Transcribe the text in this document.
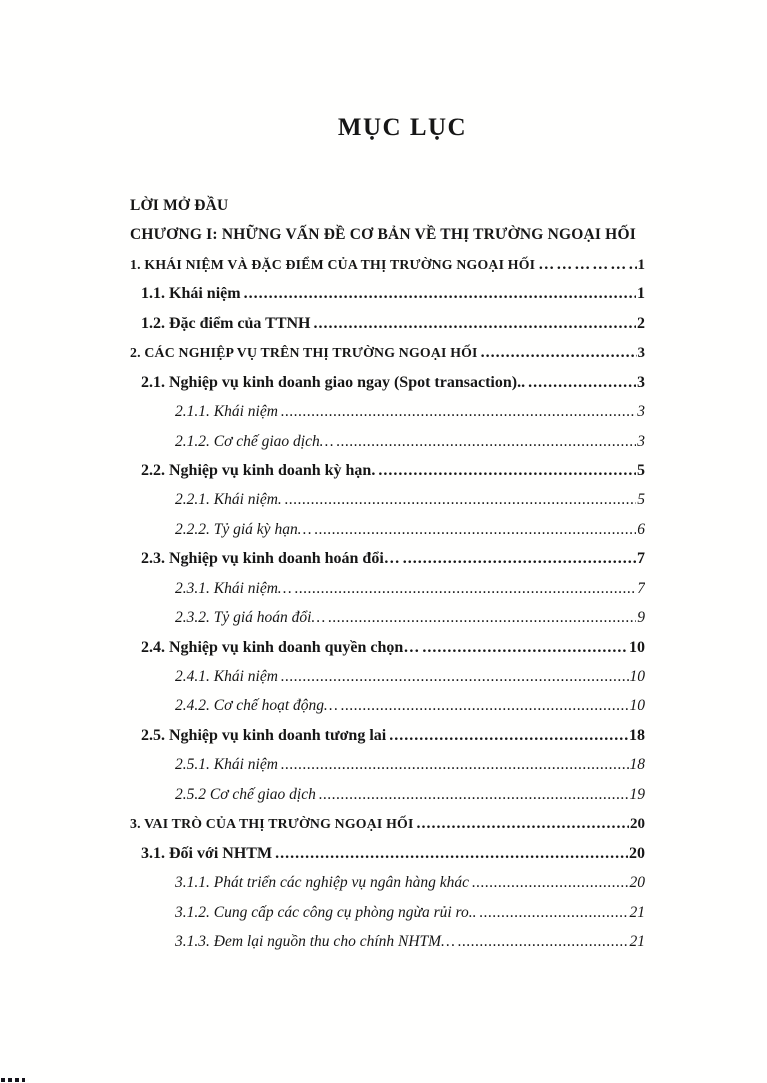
MỤC LỤC
LỜI MỞ ĐẦU
CHƯƠNG I: NHỮNG VẤN ĐỀ CƠ BẢN VỀ THỊ TRƯỜNG NGOẠI HỐI
1. KHÁI NIỆM VÀ ĐẶC ĐIỂM CỦA THỊ TRƯỜNG NGOẠI HỐI ……………………………………………………	1
1.1. Khái niệm .....	1
1.2. Đặc điểm của TTNH .....	2
2. CÁC NGHIỆP VỤ TRÊN THỊ TRƯỜNG NGOẠI HỐI .....	3
2.1. Nghiệp vụ kinh doanh giao ngay (Spot transaction).. .....	3
2.1.1. Khái niệm .....	3
2.1.2. Cơ chế giao dịch… .....	3
2.2. Nghiệp vụ kinh doanh kỳ hạn. .....	5
2.2.1. Khái niệm. .....	5
2.2.2. Tỷ giá kỳ hạn… .....	6
2.3. Nghiệp vụ kinh doanh hoán đổi… .....	7
2.3.1. Khái niệm… .....	7
2.3.2. Tỷ giá hoán đổi… .....	9
2.4. Nghiệp vụ kinh doanh quyền chọn… .....	10
2.4.1. Khái niệm .....	10
2.4.2. Cơ chế hoạt động… .....	10
2.5. Nghiệp vụ kinh doanh tương lai .....	18
2.5.1. Khái niệm .....	18
2.5.2 Cơ chế giao dịch .....	19
3. VAI TRÒ CỦA THỊ TRƯỜNG NGOẠI HỐI .....	20
3.1. Đối với NHTM .....	20
3.1.1. Phát triển các nghiệp vụ ngân hàng khác .....	20
3.1.2. Cung cấp các công cụ phòng ngừa rủi ro.. .....	21
3.1.3. Đem lại nguồn thu cho chính NHTM… .....	21
